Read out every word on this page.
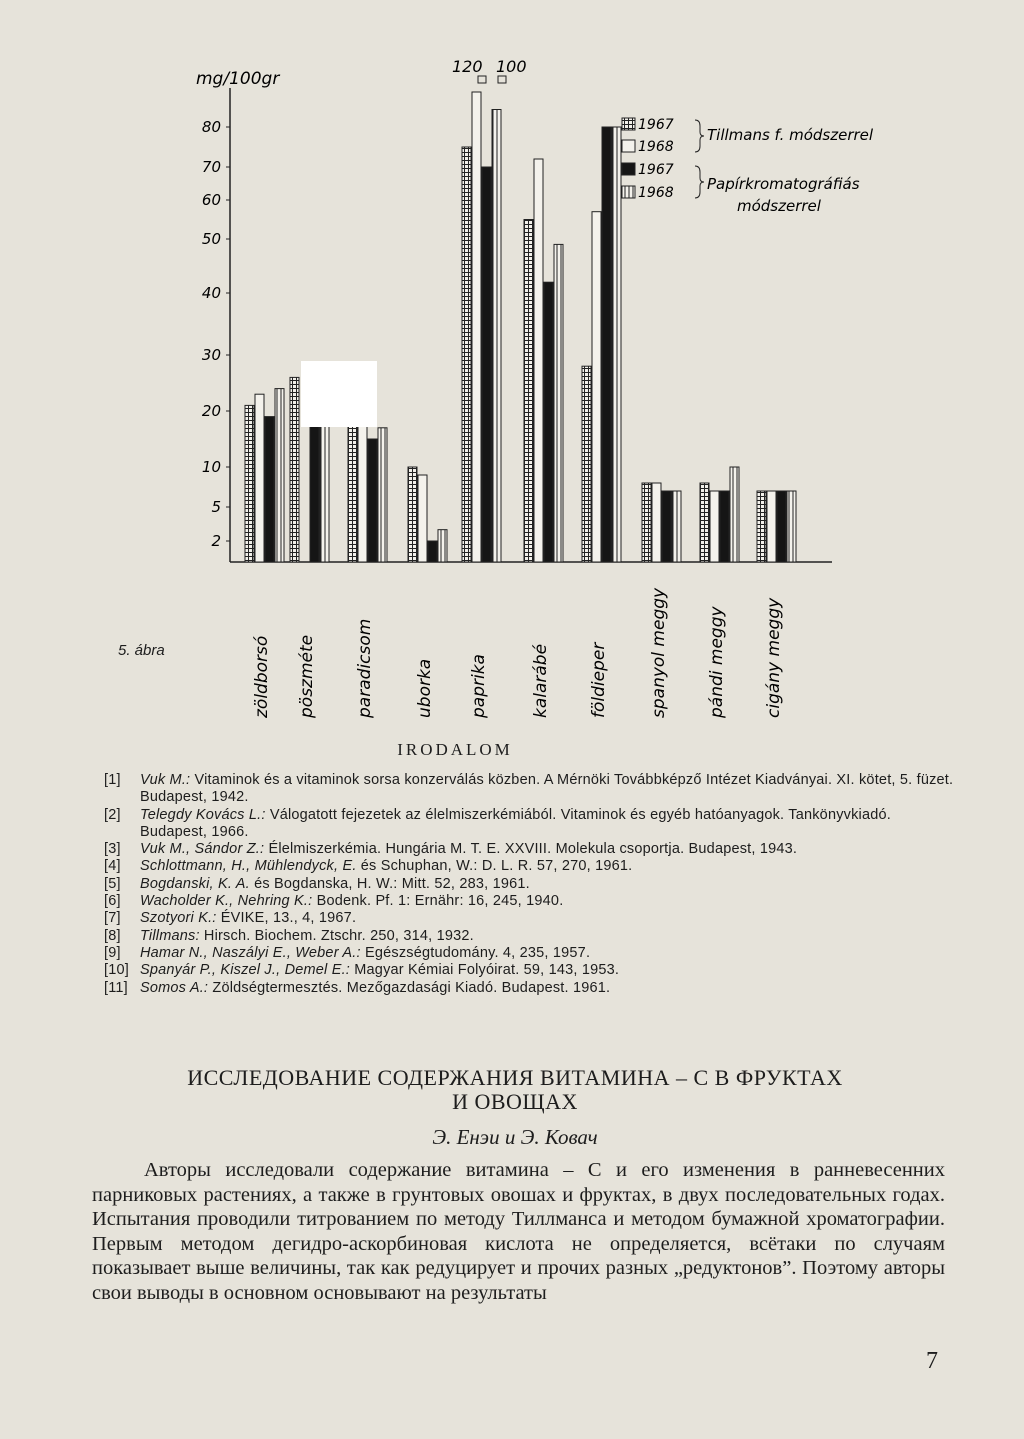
mg/100gr
2
5
10
20
30
40
50
60
70
80
120 100
1967
1968
1967
1968
Tillmans f. módszerrel
Papírkromatográfiás módszerrel
zöldborsó pöszméte paradicsom uborka paprika kalarábé földieper spanyol meggy pándi meggy cigány meggy
5. ábra
IRODALOM
[1] Vuk M.: Vitaminok és a vitaminok sorsa konzerválás közben. A Mérnöki Továbbképző Intézet Kiadványai. XI. kötet, 5. füzet. Budapest, 1942.
[2] Telegdy Kovács L.: Válogatott fejezetek az élelmiszerkémiából. Vitaminok és egyéb hatóanyagok. Tankönyvkiadó. Budapest, 1966.
[3] Vuk M., Sándor Z.: Élelmiszerkémia. Hungária M. T. E. XXVIII. Molekula csoportja. Budapest, 1943.
[4] Schlottmann, H., Mühlendyck, E. és Schuphan, W.: D. L. R. 57, 270, 1961.
[5] Bogdanski, K. A. és Bogdanska, H. W.: Mitt. 52, 283, 1961.
[6] Wacholder K., Nehring K.: Bodenk. Pf. 1: Ernähr: 16, 245, 1940.
[7] Szotyori K.: ÉVIKE, 13., 4, 1967.
[8] Tillmans: Hirsch. Biochem. Ztschr. 250, 314, 1932.
[9] Hamar N., Naszályi E., Weber A.: Egészségtudomány. 4, 235, 1957.
[10] Spanyár P., Kiszel J., Demel E.: Magyar Kémiai Folyóirat. 59, 143, 1953.
[11] Somos A.: Zöldségtermesztés. Mezőgazdasági Kiadó. Budapest. 1961.
ИССЛЕДОВАНИЕ СОДЕРЖАНИЯ ВИТАМИНА – С В ФРУКТАХ
И ОВОЩАХ
Э. Енэи и Э. Ковач
Авторы исследовали содержание витамина – С и его изменения в ранневесенних парниковых растениях, а также в грунтовых овошах и фруктах, в двух последовательных годах. Испытания проводили титрованием по методу Тиллманса и методом бумажной хроматографии. Первым методом дегидро-аскорбиновая кислота не определяется, всëтаки по случаям показывает выше величины, так как редуцирует и прочих разных „редуктонов”. Поэтому авторы свои выводы в основном основывают на результаты
7
